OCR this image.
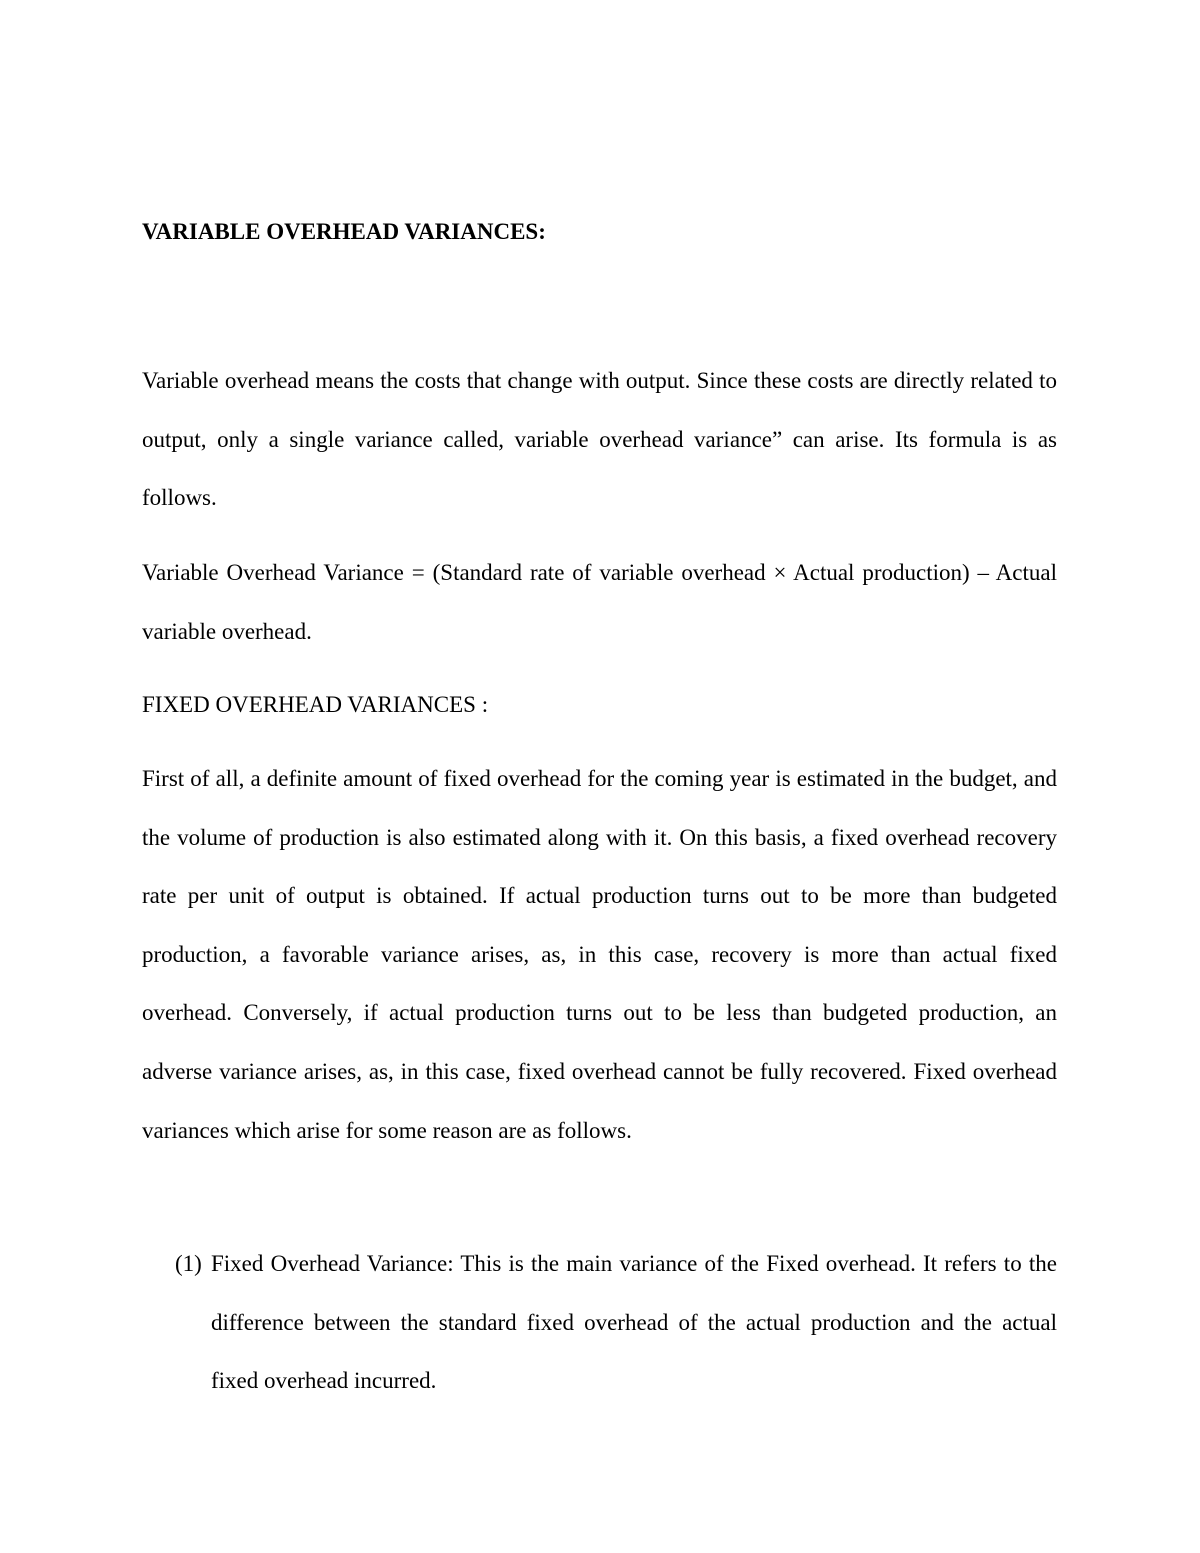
VARIABLE OVERHEAD VARIANCES:

Variable overhead means the costs that change with output. Since these costs are directly related to output, only a single variance called, variable overhead variance” can arise. Its formula is as follows.

Variable Overhead Variance = (Standard rate of variable overhead × Actual production) – Actual variable overhead.

FIXED OVERHEAD VARIANCES :

First of all, a definite amount of fixed overhead for the coming year is estimated in the budget, and the volume of production is also estimated along with it. On this basis, a fixed overhead recovery rate per unit of output is obtained. If actual production turns out to be more than budgeted production, a favorable variance arises, as, in this case, recovery is more than actual fixed overhead. Conversely, if actual production turns out to be less than budgeted production, an adverse variance arises, as, in this case, fixed overhead cannot be fully recovered. Fixed overhead variances which arise for some reason are as follows.

(1) Fixed Overhead Variance: This is the main variance of the Fixed overhead. It refers to the difference between the standard fixed overhead of the actual production and the actual fixed overhead incurred.
